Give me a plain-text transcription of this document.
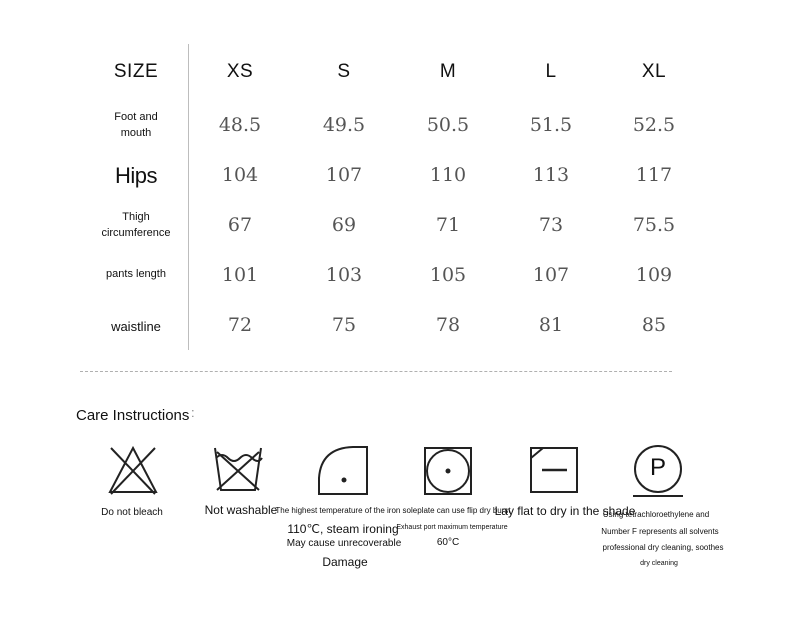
SIZE	XS	S	M	L	XL
Foot and mouth	48.5	49.5	50.5	51.5	52.5
Hips	104	107	110	113	117
Thigh circumference	67	69	71	73	75.5
pants length	101	103	105	107	109
waistline	72	75	78	81	85
Care Instructions :
Do not bleach	Not washable
The highest temperature of the iron soleplate can use flip dry burst
110℃, steam ironing
May cause unrecoverable
Damage
Exhaust port maximum temperature
60°C
Lay flat to dry in the shade
P
Using tetrachloroethylene and
Number F represents all solvents
professional dry cleaning, soothes
dry cleaning
